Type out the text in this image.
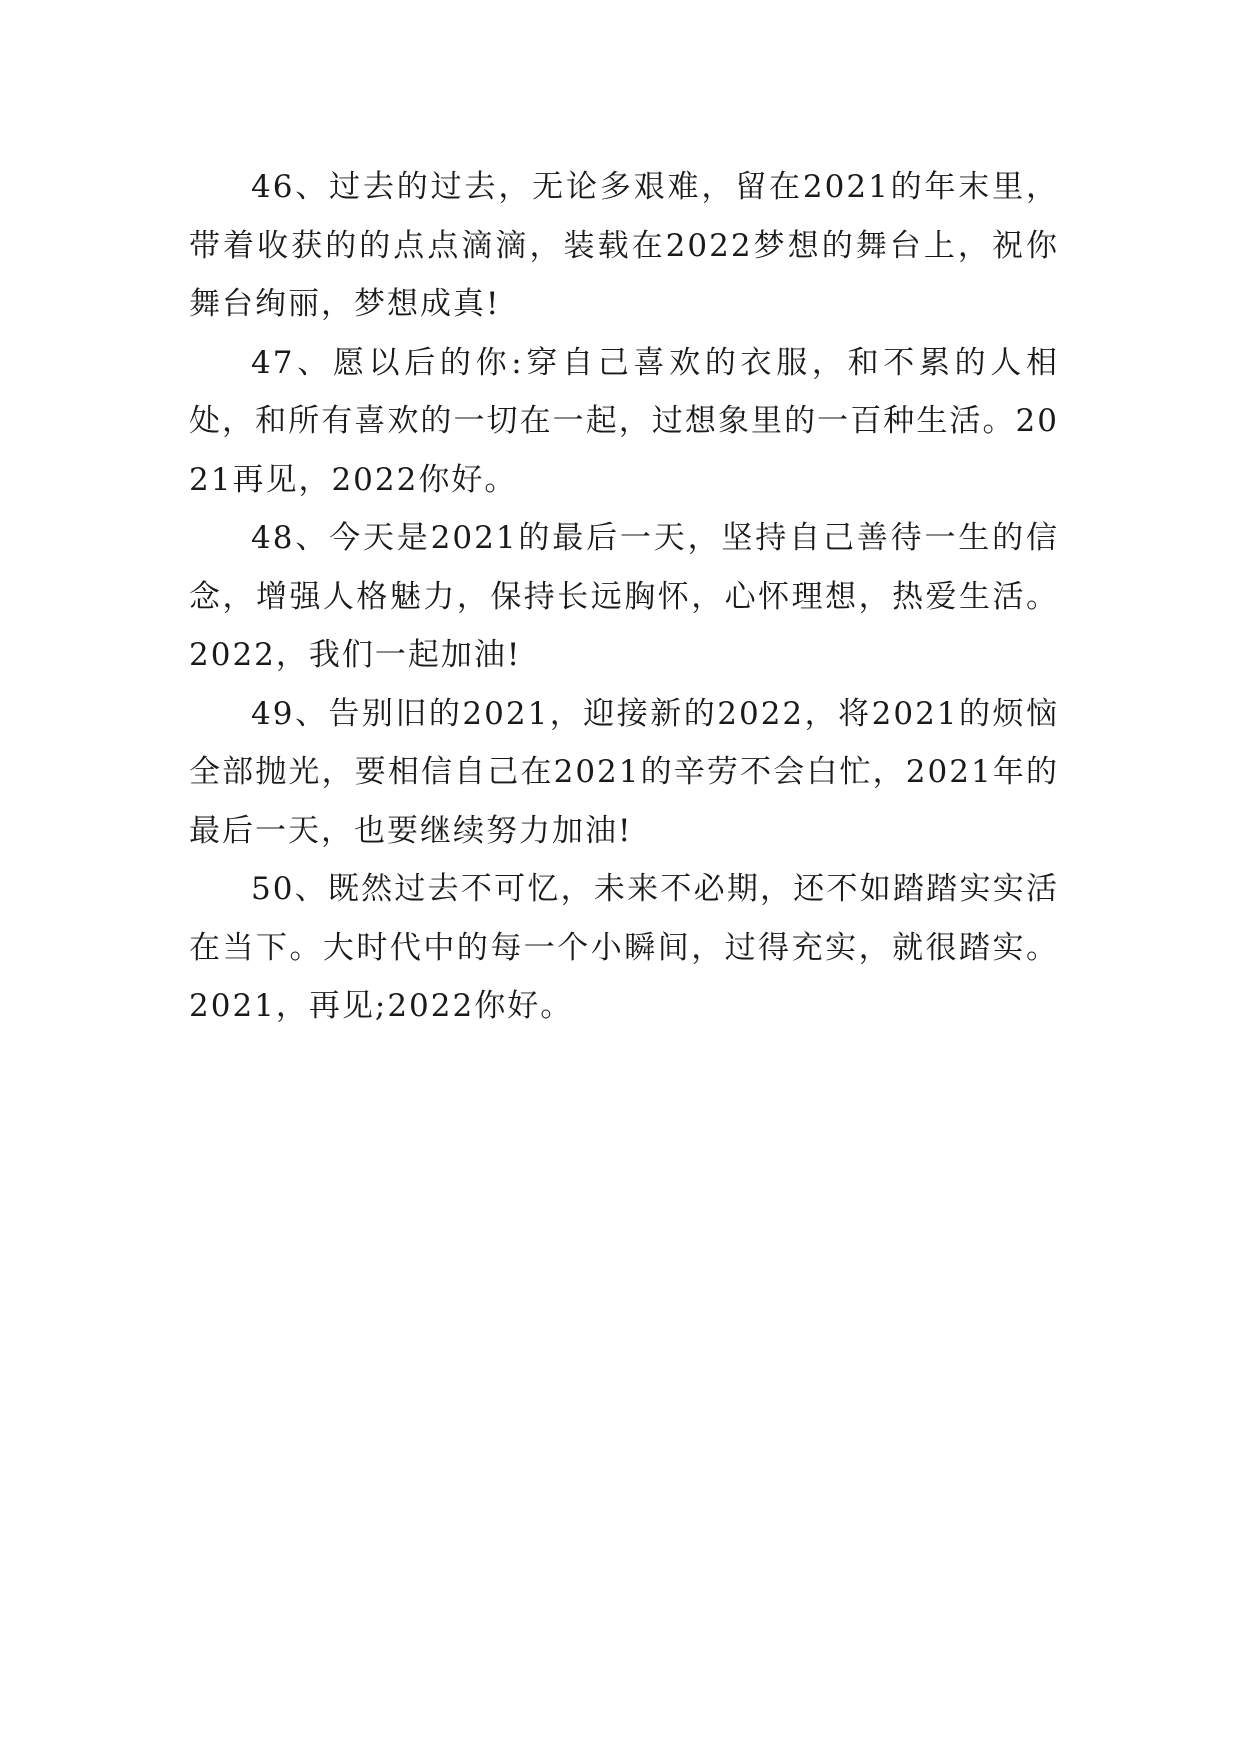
46、过去的过去，无论多艰难，留在2021的年末里，带着收获的的点点滴滴，装载在2022梦想的舞台上，祝你舞台绚丽，梦想成真!

47、愿以后的你:穿自己喜欢的衣服，和不累的人相处，和所有喜欢的一切在一起，过想象里的一百种生活。2021再见，2022你好。

48、今天是2021的最后一天，坚持自己善待一生的信念，增强人格魅力，保持长远胸怀，心怀理想，热爱生活。2022，我们一起加油!

49、告别旧的2021，迎接新的2022，将2021的烦恼全部抛光，要相信自己在2021的辛劳不会白忙，2021年的最后一天，也要继续努力加油!

50、既然过去不可忆，未来不必期，还不如踏踏实实活在当下。大时代中的每一个小瞬间，过得充实，就很踏实。2021，再见;2022你好。
